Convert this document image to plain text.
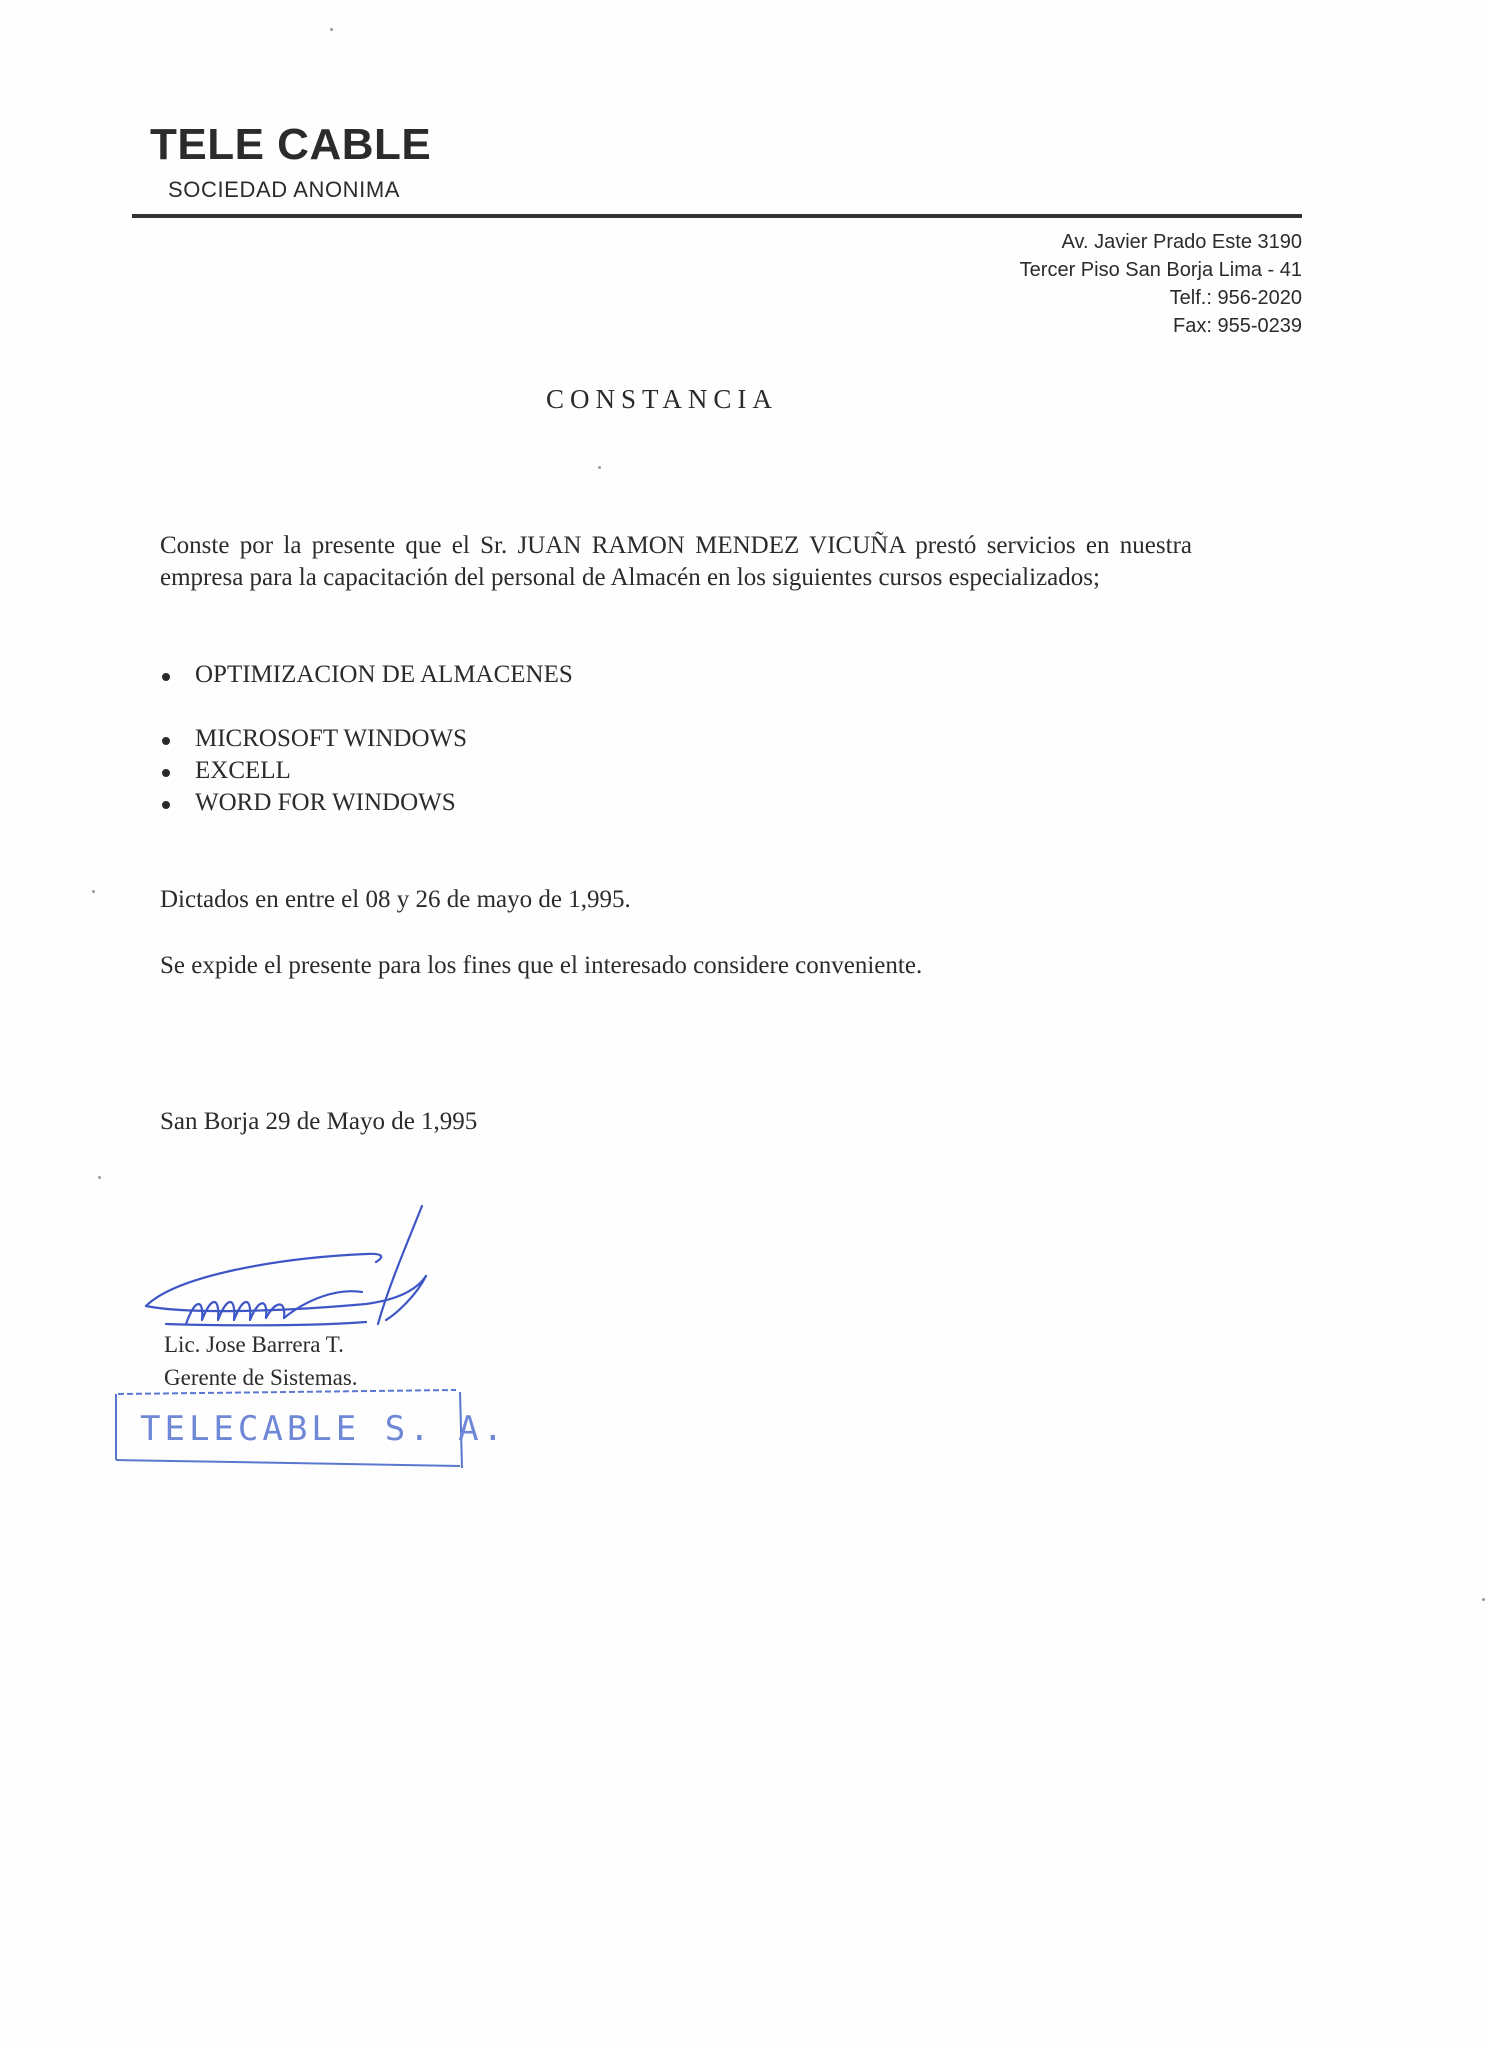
TELE CABLE
SOCIEDAD ANONIMA
Av. Javier Prado Este 3190
Tercer Piso San Borja Lima - 41
Telf.: 956-2020
Fax: 955-0239
CONSTANCIA
Conste por la presente que el Sr. JUAN RAMON MENDEZ VICUÑA prestó servicios en nuestra empresa para la capacitación del personal de Almacén en los siguientes cursos especializados;
OPTIMIZACION DE ALMACENES
MICROSOFT WINDOWS
EXCELL
WORD FOR WINDOWS
Dictados en entre el 08 y 26 de mayo de 1,995.
Se expide el presente para los fines que el interesado considere conveniente.
San Borja 29 de Mayo de 1,995
Lic. Jose Barrera T.
Gerente de Sistemas.
TELECABLE S. A.
